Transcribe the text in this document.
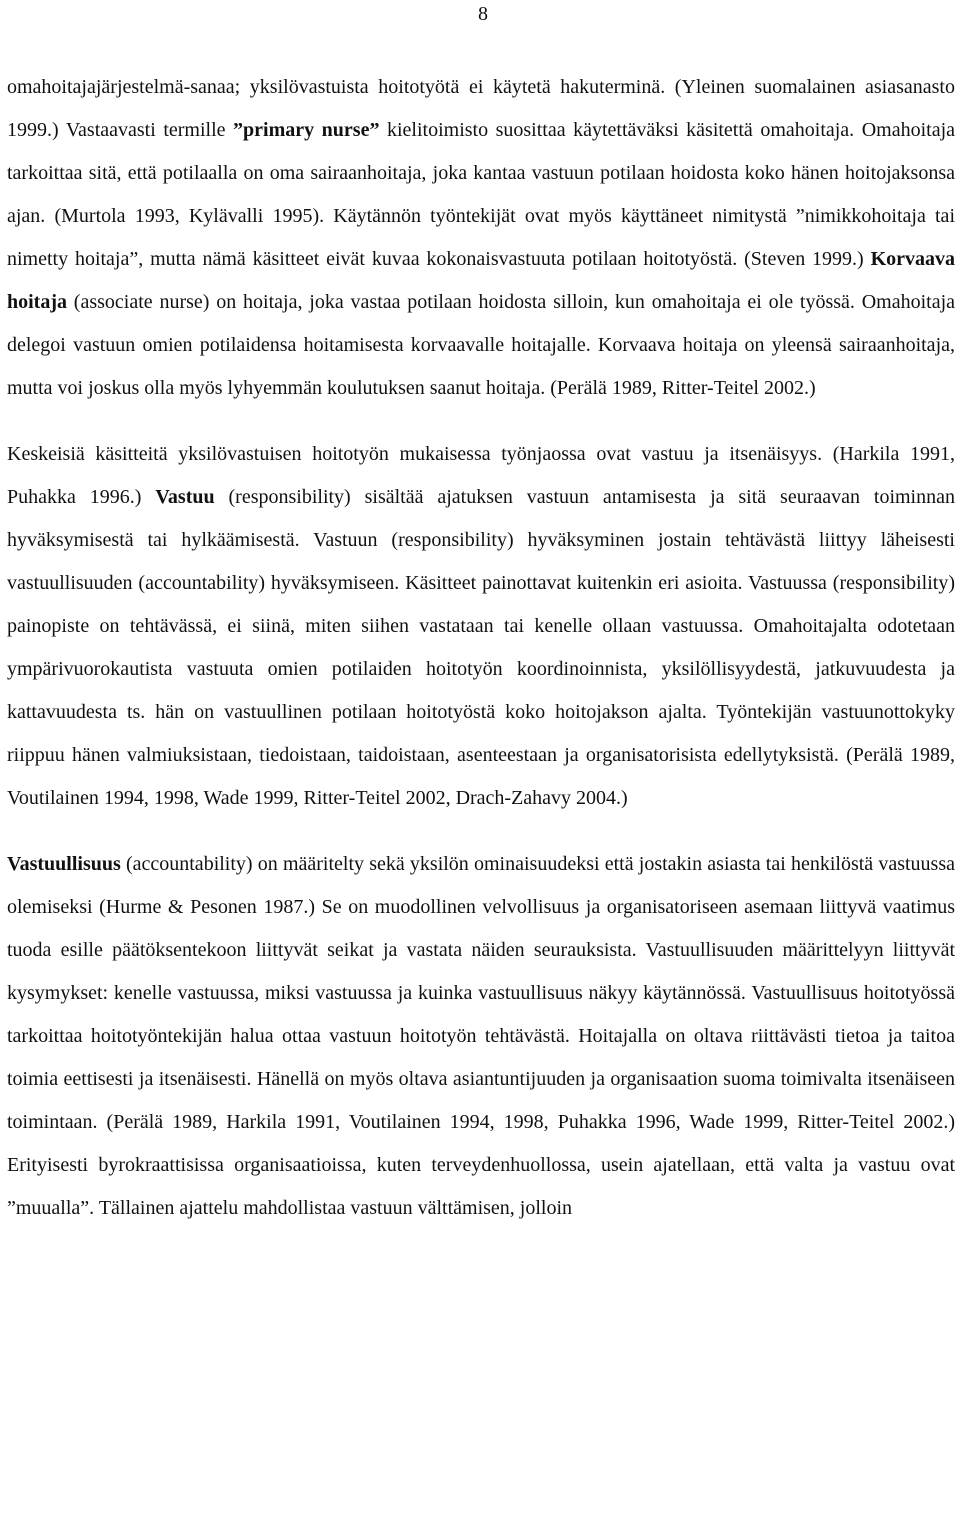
8

omahoitajajärjestelmä-sanaa; yksilövastuista hoitotyötä ei käytetä hakuterminä. (Yleinen suomalainen asiasanasto 1999.) Vastaavasti termille ”primary nurse” kielitoimisto suosittaa käytettäväksi käsitettä omahoitaja. Omahoitaja tarkoittaa sitä, että potilaalla on oma sairaanhoitaja, joka kantaa vastuun potilaan hoidosta koko hänen hoitojaksonsa ajan. (Murtola 1993, Kylävalli 1995). Käytännön työntekijät ovat myös käyttäneet nimitystä ”nimikkohoitaja tai nimetty hoitaja”, mutta nämä käsitteet eivät kuvaa kokonaisvastuuta potilaan hoitotyöstä. (Steven 1999.) Korvaava hoitaja (associate nurse) on hoitaja, joka vastaa potilaan hoidosta silloin, kun omahoitaja ei ole työssä. Omahoitaja delegoi vastuun omien potilaidensa hoitamisesta korvaavalle hoitajalle. Korvaava hoitaja on yleensä sairaanhoitaja, mutta voi joskus olla myös lyhyemmän koulutuksen saanut hoitaja. (Perälä 1989, Ritter-Teitel 2002.)

Keskeisiä käsitteitä yksilövastuisen hoitotyön mukaisessa työnjaossa ovat vastuu ja itsenäisyys. (Harkila 1991, Puhakka 1996.) Vastuu (responsibility) sisältää ajatuksen vastuun antamisesta ja sitä seuraavan toiminnan hyväksymisestä tai hylkäämisestä. Vastuun (responsibility) hyväksyminen jostain tehtävästä liittyy läheisesti vastuullisuuden (accountability) hyväksymiseen. Käsitteet painottavat kuitenkin eri asioita. Vastuussa (responsibility) painopiste on tehtävässä, ei siinä, miten siihen vastataan tai kenelle ollaan vastuussa. Omahoitajalta odotetaan ympärivuorokautista vastuuta omien potilaiden hoitotyön koordinoinnista, yksilöllisyydestä, jatkuvuudesta ja kattavuudesta ts. hän on vastuullinen potilaan hoitotyöstä koko hoitojakson ajalta. Työntekijän vastuunottokyky riippuu hänen valmiuksistaan, tiedoistaan, taidoistaan, asenteestaan ja organisatorisista edellytyksistä. (Perälä 1989, Voutilainen 1994, 1998, Wade 1999, Ritter-Teitel 2002, Drach-Zahavy 2004.)

Vastuullisuus (accountability) on määritelty sekä yksilön ominaisuudeksi että jostakin asiasta tai henkilöstä vastuussa olemiseksi (Hurme & Pesonen 1987.) Se on muodollinen velvollisuus ja organisatoriseen asemaan liittyvä vaatimus tuoda esille päätöksentekoon liittyvät seikat ja vastata näiden seurauksista. Vastuullisuuden määrittelyyn liittyvät kysymykset: kenelle vastuussa, miksi vastuussa ja kuinka vastuullisuus näkyy käytännössä. Vastuullisuus hoitotyössä tarkoittaa hoitotyöntekijän halua ottaa vastuun hoitotyön tehtävästä. Hoitajalla on oltava riittävästi tietoa ja taitoa toimia eettisesti ja itsenäisesti. Hänellä on myös oltava asiantuntijuuden ja organisaation suoma toimivalta itsenäiseen toimintaan. (Perälä 1989, Harkila 1991, Voutilainen 1994, 1998, Puhakka 1996, Wade 1999, Ritter-Teitel 2002.) Erityisesti byrokraattisissa organisaatioissa, kuten terveydenhuollossa, usein ajatellaan, että valta ja vastuu ovat ”muualla”. Tällainen ajattelu mahdollistaa vastuun välttämisen, jolloin
